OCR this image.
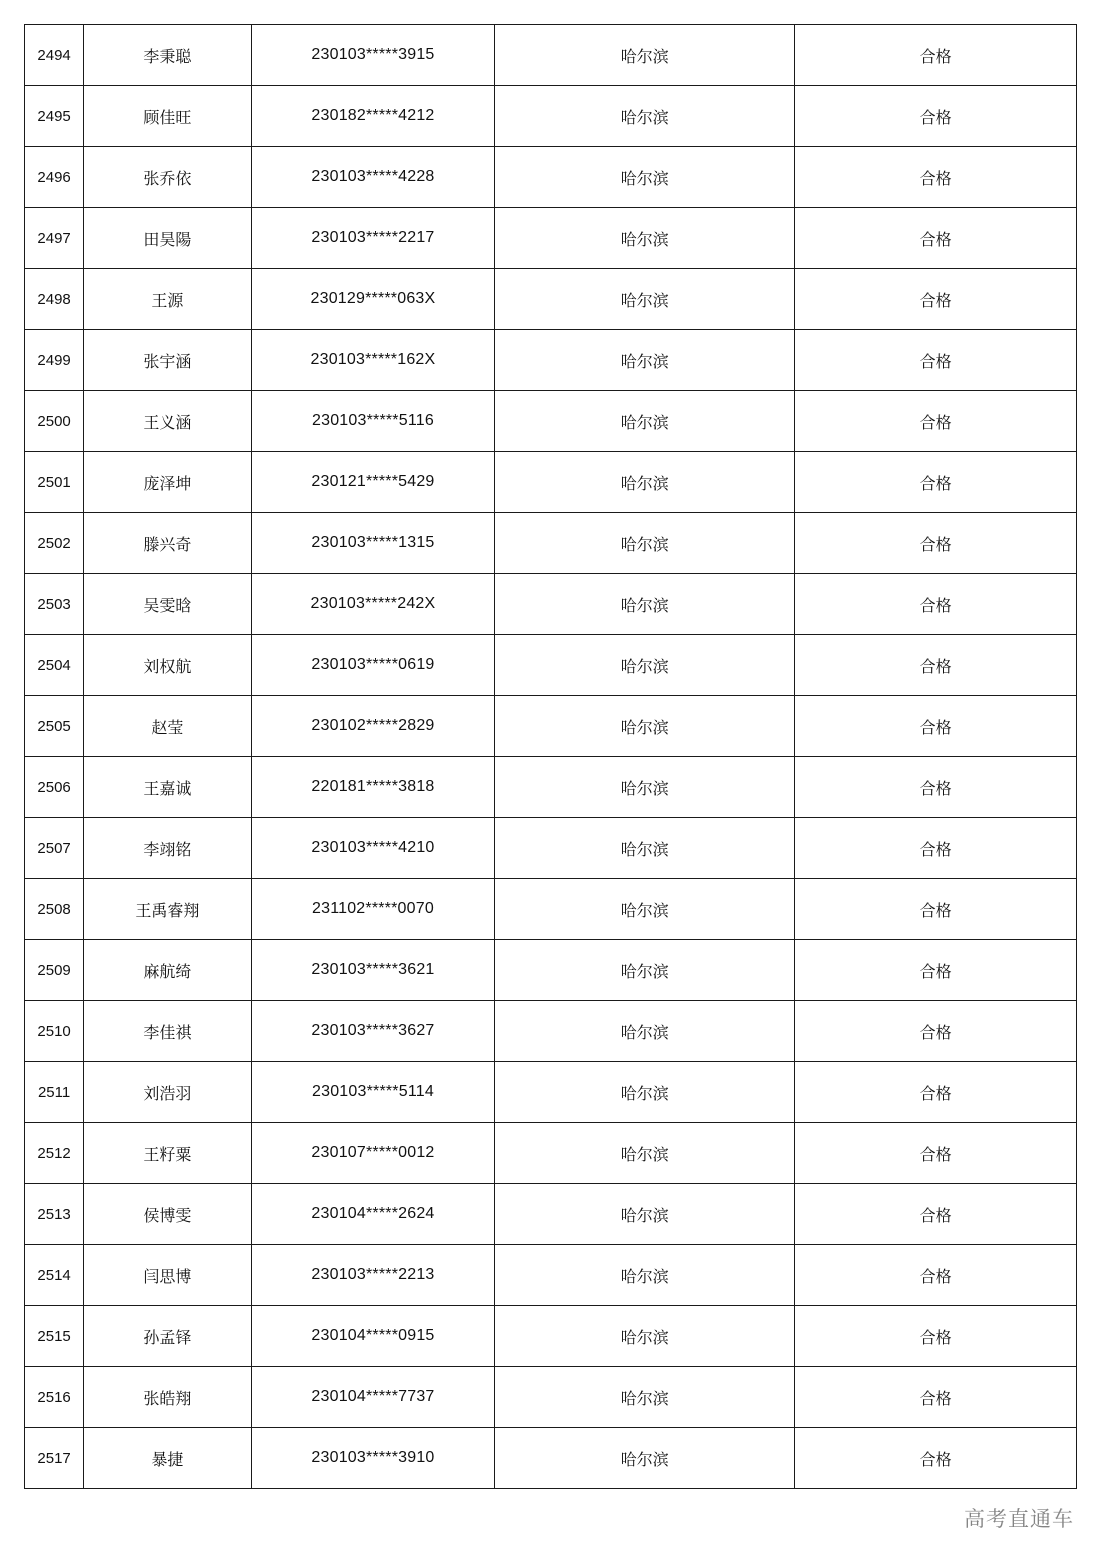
2494	李秉聪	230103*****3915	哈尔滨	合格
2495	顾佳旺	230182*****4212	哈尔滨	合格
2496	张乔依	230103*****4228	哈尔滨	合格
2497	田昊陽	230103*****2217	哈尔滨	合格
2498	王源	230129*****063X	哈尔滨	合格
2499	张宇涵	230103*****162X	哈尔滨	合格
2500	王义涵	230103*****5116	哈尔滨	合格
2501	庞泽坤	230121*****5429	哈尔滨	合格
2502	滕兴奇	230103*****1315	哈尔滨	合格
2503	吴雯晗	230103*****242X	哈尔滨	合格
2504	刘权航	230103*****0619	哈尔滨	合格
2505	赵莹	230102*****2829	哈尔滨	合格
2506	王嘉诚	220181*****3818	哈尔滨	合格
2507	李翊铭	230103*****4210	哈尔滨	合格
2508	王禹睿翔	231102*****0070	哈尔滨	合格
2509	麻航绮	230103*****3621	哈尔滨	合格
2510	李佳祺	230103*****3627	哈尔滨	合格
2511	刘浩羽	230103*****5114	哈尔滨	合格
2512	王籽粟	230107*****0012	哈尔滨	合格
2513	侯博雯	230104*****2624	哈尔滨	合格
2514	闫思博	230103*****2213	哈尔滨	合格
2515	孙孟铎	230104*****0915	哈尔滨	合格
2516	张皓翔	230104*****7737	哈尔滨	合格
2517	暴捷	230103*****3910	哈尔滨	合格
高考直通车
